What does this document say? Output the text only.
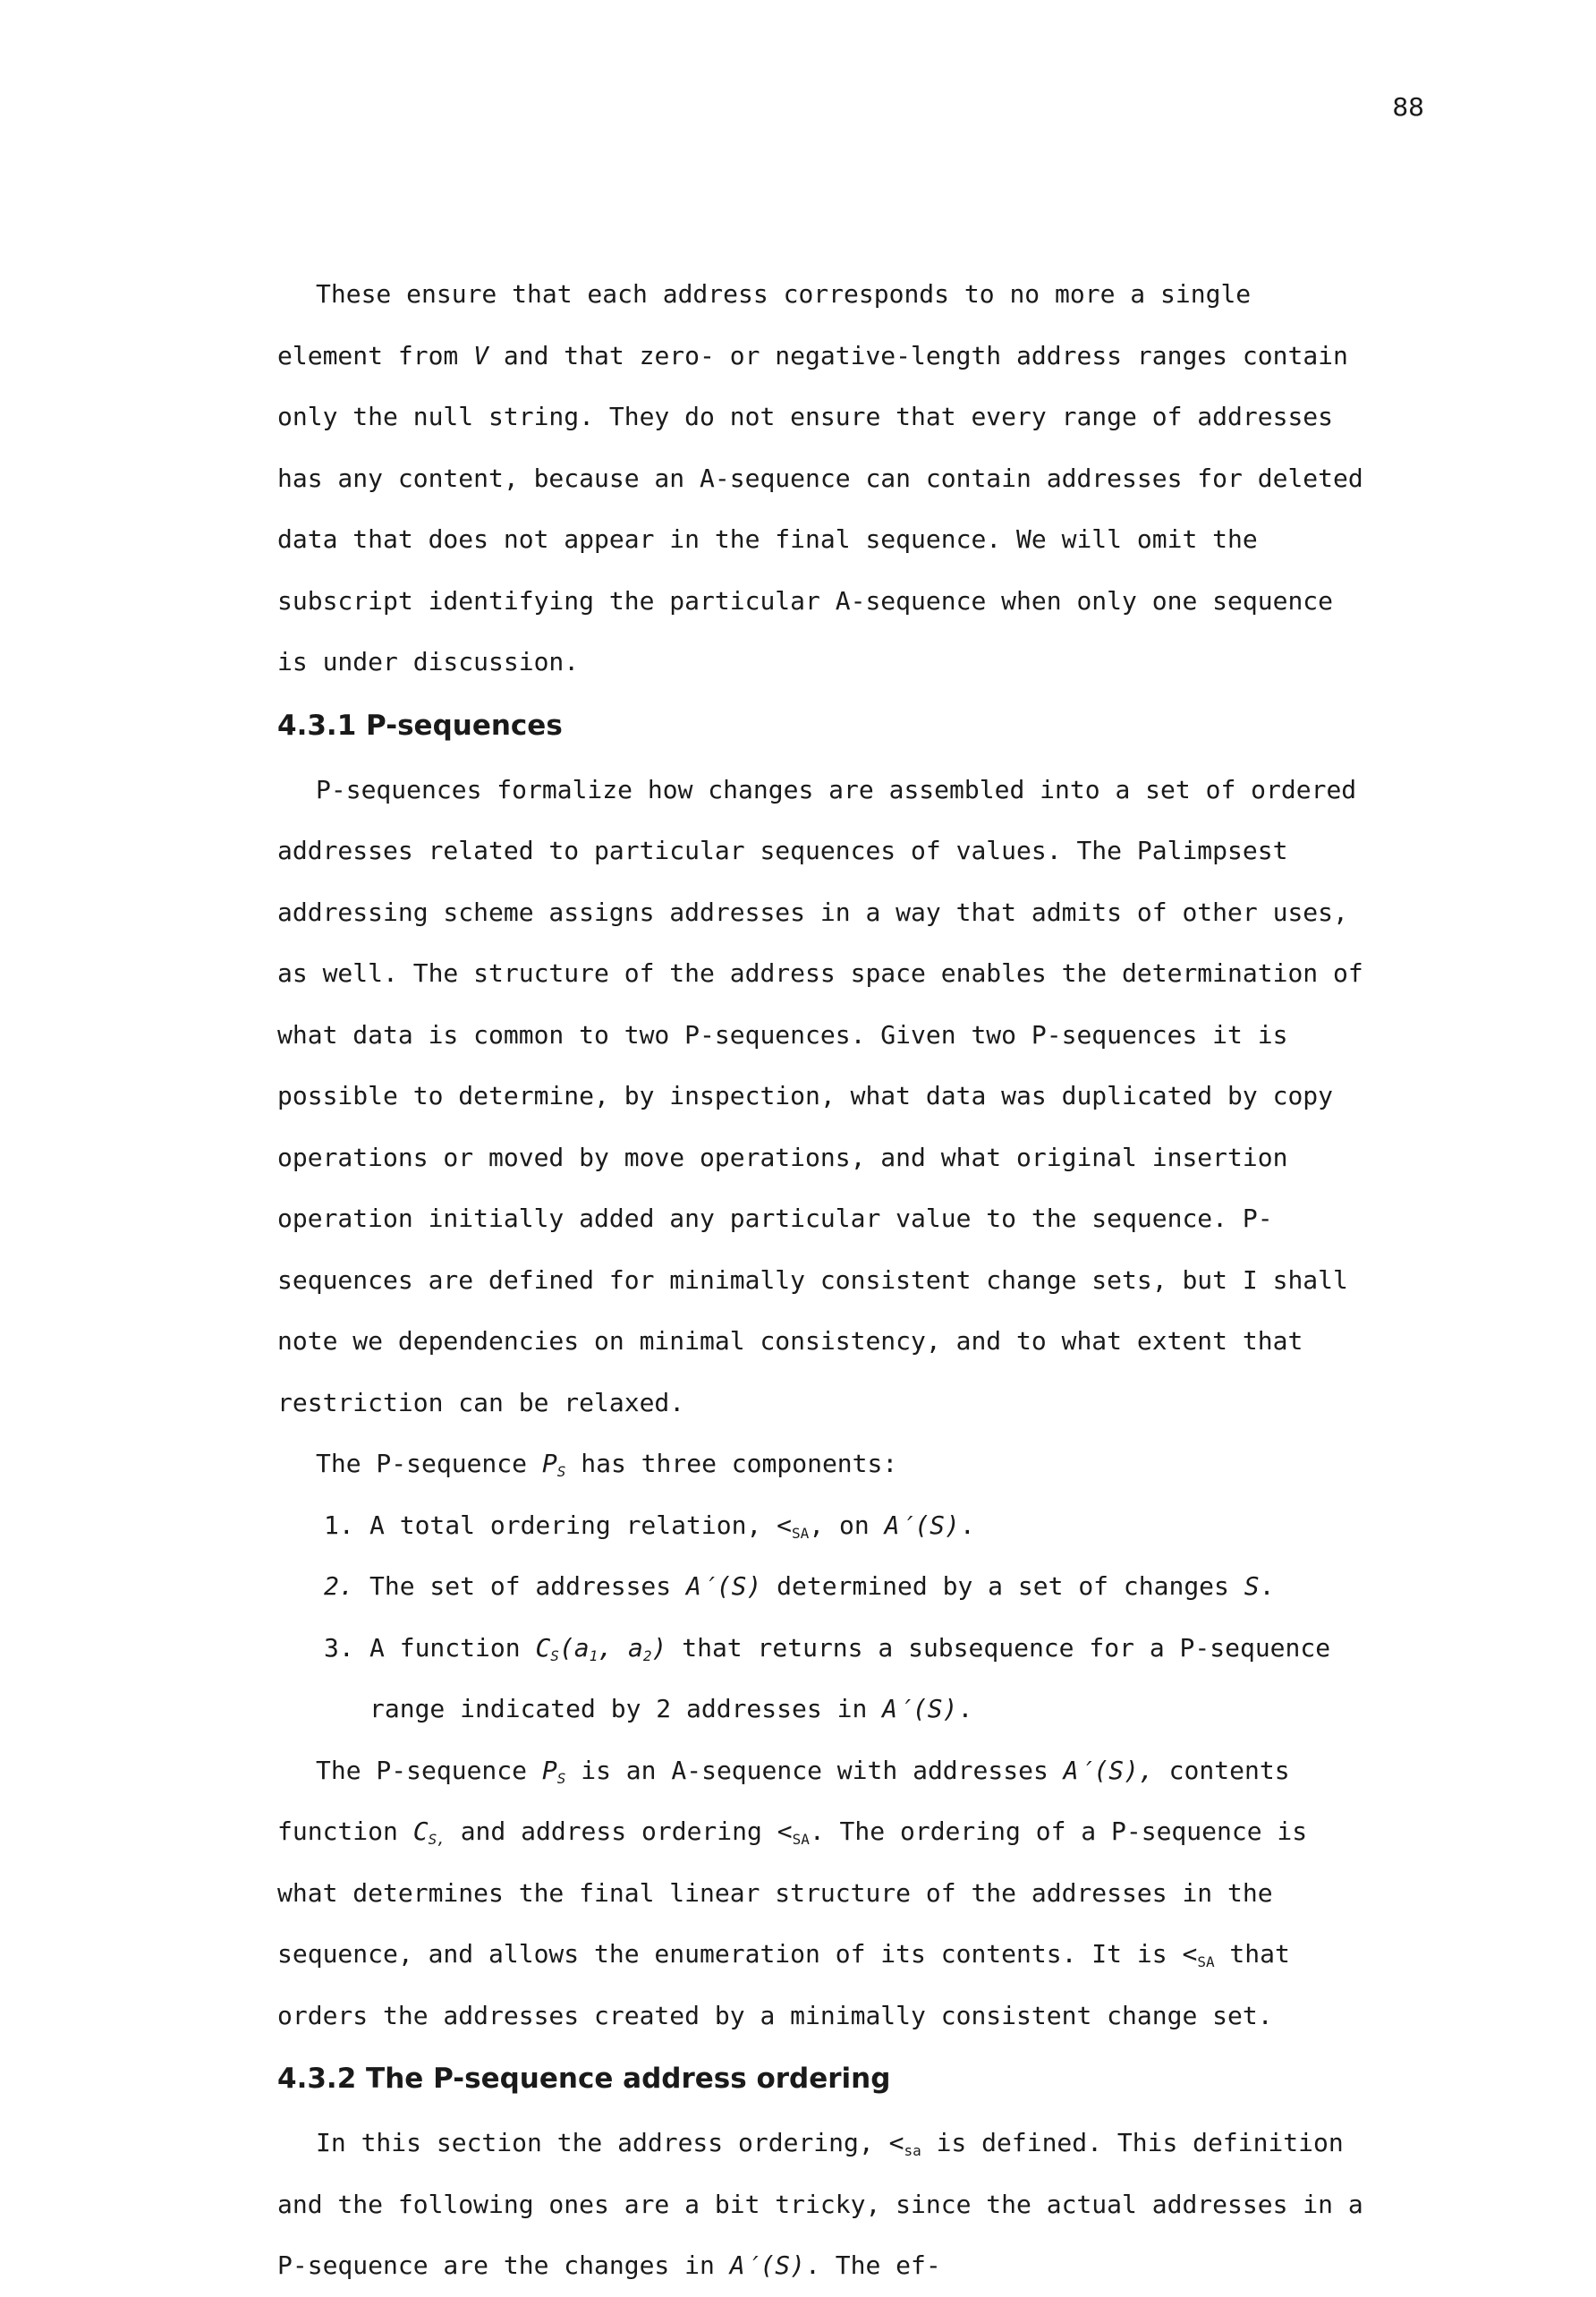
88

These ensure that each address corresponds to no more a single element from V and that zero- or negative-length address ranges contain only the null string. They do not ensure that every range of addresses has any content, because an A-sequence can contain addresses for deleted data that does not appear in the final sequence. We will omit the subscript identifying the particular A-sequence when only one sequence is under discussion.

4.3.1 P-sequences

P-sequences formalize how changes are assembled into a set of ordered addresses related to particular sequences of values. The Palimpsest addressing scheme assigns addresses in a way that admits of other uses, as well. The structure of the address space enables the determination of what data is common to two P-sequences. Given two P-sequences it is possible to determine, by inspection, what data was duplicated by copy operations or moved by move operations, and what original insertion operation initially added any particular value to the sequence. P-sequences are defined for minimally consistent change sets, but I shall note we dependencies on minimal consistency, and to what extent that restriction can be relaxed.

The P-sequence $P_S$ has three components:

1. A total ordering relation, $<_{SA}$, on A′(S).
2. The set of addresses A′(S) determined by a set of changes S.
3. A function $C_S(a_1$, $a_2$) that returns a subsequence for a P-sequence range indicated by 2 addresses in A′(S).

The P-sequence $P_S$ is an A-sequence with addresses A′(S), contents function $C_{S,}$ and address ordering $<_{SA}$. The ordering of a P-sequence is what determines the final linear structure of the addresses in the sequence, and allows the enumeration of its contents. It is $<_{SA}$ that orders the addresses created by a minimally consistent change set.

4.3.2 The P-sequence address ordering

In this section the address ordering, $<_{sa}$ is defined. This definition and the following ones are a bit tricky, since the actual addresses in a P-sequence are the changes in A′(S). The ef-
